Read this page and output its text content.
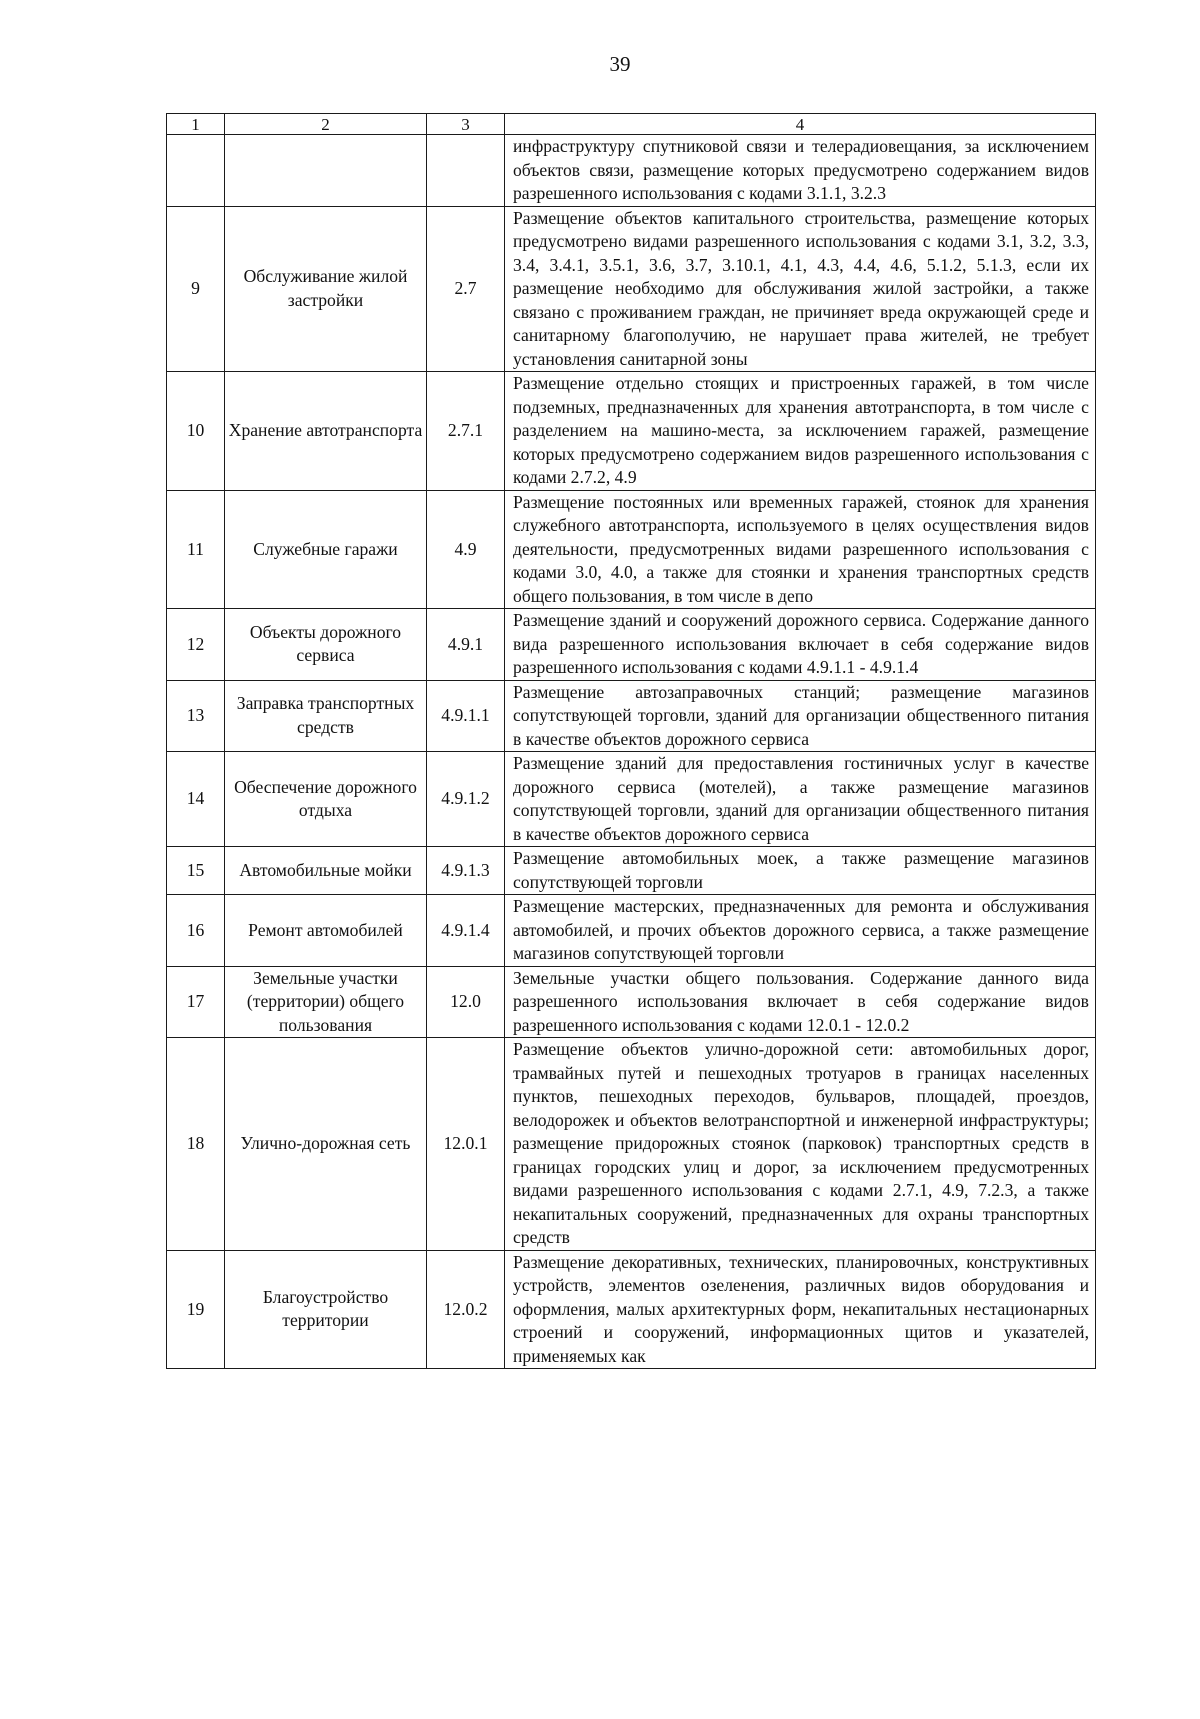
39
1	2	3	4
			инфраструктуру спутниковой связи и телерадиовещания, за исключением объектов связи, размещение которых предусмотрено содержанием видов разрешенного использования с кодами 3.1.1, 3.2.3
9	Обслуживание жилой застройки	2.7	Размещение объектов капитального строительства, размещение которых предусмотрено видами разрешенного использования с кодами 3.1, 3.2, 3.3, 3.4, 3.4.1, 3.5.1, 3.6, 3.7, 3.10.1, 4.1, 4.3, 4.4, 4.6, 5.1.2, 5.1.3, если их размещение необходимо для обслуживания жилой застройки, а также связано с проживанием граждан, не причиняет вреда окружающей среде и санитарному благополучию, не нарушает права жителей, не требует установления санитарной зоны
10	Хранение автотранспорта	2.7.1	Размещение отдельно стоящих и пристроенных гаражей, в том числе подземных, предназначенных для хранения автотранспорта, в том числе с разделением на машино-места, за исключением гаражей, размещение которых предусмотрено содержанием видов разрешенного использования с кодами 2.7.2, 4.9
11	Служебные гаражи	4.9	Размещение постоянных или временных гаражей, стоянок для хранения служебного автотранспорта, используемого в целях осуществления видов деятельности, предусмотренных видами разрешенного использования с кодами 3.0, 4.0, а также для стоянки и хранения транспортных средств общего пользования, в том числе в депо
12	Объекты дорожного сервиса	4.9.1	Размещение зданий и сооружений дорожного сервиса. Содержание данного вида разрешенного использования включает в себя содержание видов разрешенного использования с кодами 4.9.1.1 - 4.9.1.4
13	Заправка транспортных средств	4.9.1.1	Размещение автозаправочных станций; размещение магазинов сопутствующей торговли, зданий для организации общественного питания в качестве объектов дорожного сервиса
14	Обеспечение дорожного отдыха	4.9.1.2	Размещение зданий для предоставления гостиничных услуг в качестве дорожного сервиса (мотелей), а также размещение магазинов сопутствующей торговли, зданий для организации общественного питания в качестве объектов дорожного сервиса
15	Автомобильные мойки	4.9.1.3	Размещение автомобильных моек, а также размещение магазинов сопутствующей торговли
16	Ремонт автомобилей	4.9.1.4	Размещение мастерских, предназначенных для ремонта и обслуживания автомобилей, и прочих объектов дорожного сервиса, а также размещение магазинов сопутствующей торговли
17	Земельные участки (территории) общего пользования	12.0	Земельные участки общего пользования. Содержание данного вида разрешенного использования включает в себя содержание видов разрешенного использования с кодами 12.0.1 - 12.0.2
18	Улично-дорожная сеть	12.0.1	Размещение объектов улично-дорожной сети: автомобильных дорог, трамвайных путей и пешеходных тротуаров в границах населенных пунктов, пешеходных переходов, бульваров, площадей, проездов, велодорожек и объектов велотранспортной и инженерной инфраструктуры; размещение придорожных стоянок (парковок) транспортных средств в границах городских улиц и дорог, за исключением предусмотренных видами разрешенного использования с кодами 2.7.1, 4.9, 7.2.3, а также некапитальных сооружений, предназначенных для охраны транспортных средств
19	Благоустройство территории	12.0.2	Размещение декоративных, технических, планировочных, конструктивных устройств, элементов озеленения, различных видов оборудования и оформления, малых архитектурных форм, некапитальных нестационарных строений и сооружений, информационных щитов и указателей, применяемых как
